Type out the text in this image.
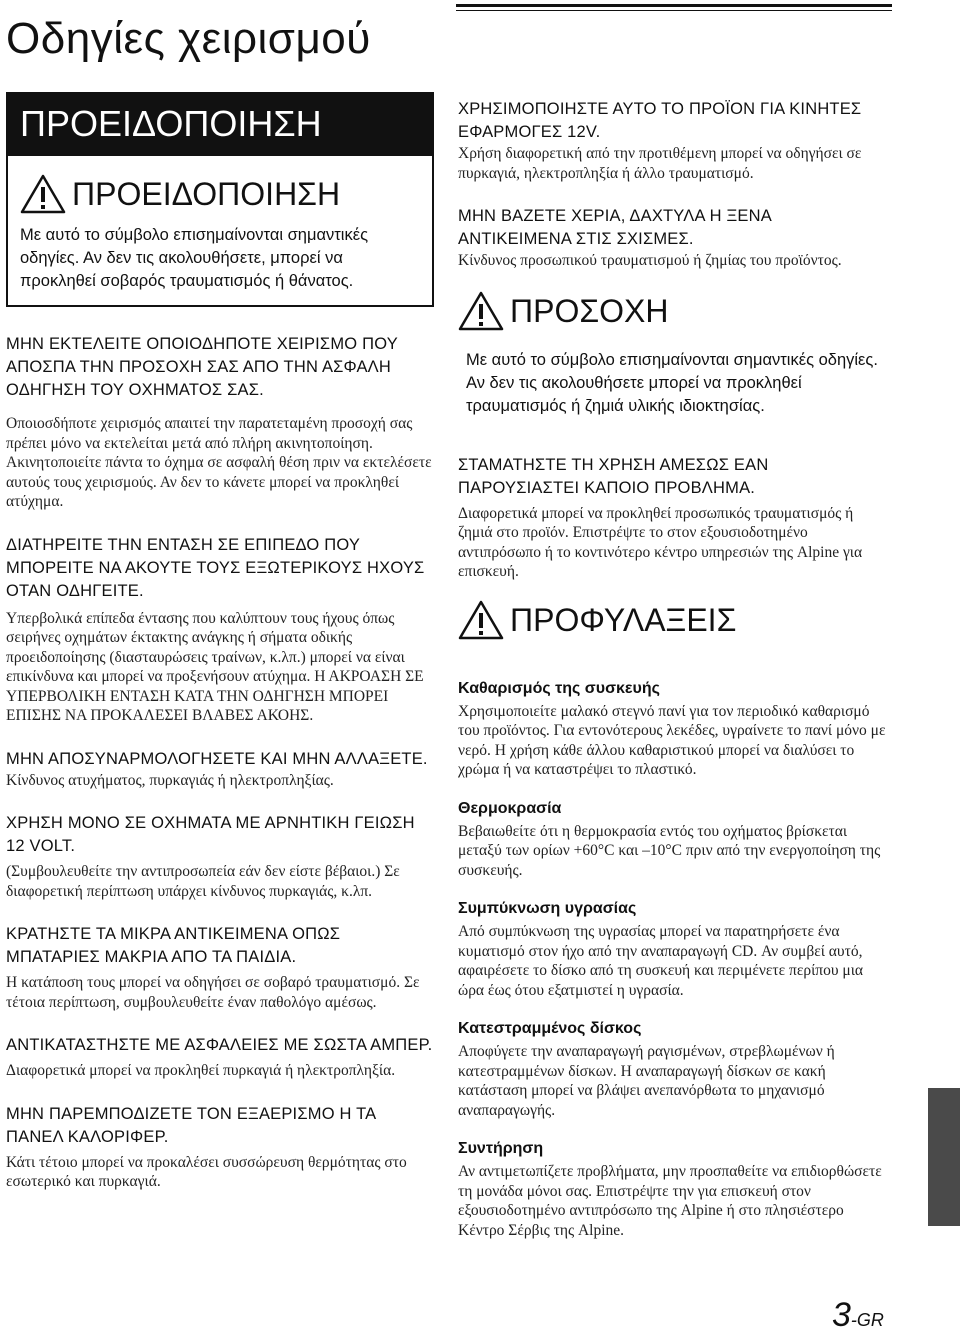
Οδηγίες χειρισμού
ΠΡΟΕΙΔΟΠΟΙΗΣΗ
ΠΡΟΕΙΔΟΠΟΙΗΣΗ

Με αυτό το σύμβολο επισημαίνονται σημαντικές οδηγίες. Αν δεν τις ακολουθήσετε, μπορεί να προκληθεί σοβαρός τραυματισμός ή θάνατος.

ΜΗΝ ΕΚΤΕΛΕΙΤΕ ΟΠΟΙΟΔΗΠΟΤΕ ΧΕΙΡΙΣΜΟ ΠΟΥ ΑΠΟΣΠΑ ΤΗΝ ΠΡΟΣΟΧΗ ΣΑΣ ΑΠΟ ΤΗΝ ΑΣΦΑΛΗ ΟΔΗΓΗΣΗ ΤΟΥ ΟΧΗΜΑΤΟΣ ΣΑΣ.

Οποιοσδήποτε χειρισμός απαιτεί την παρατεταμένη προσοχή σας πρέπει μόνο να εκτελείται μετά από πλήρη ακινητοποίηση. Ακινητοποιείτε πάντα το όχημα σε ασφαλή θέση πριν να εκτελέσετε αυτούς τους χειρισμούς. Αν δεν το κάνετε μπορεί να προκληθεί ατύχημα.

ΔΙΑΤΗΡΕΙΤΕ ΤΗΝ ΕΝΤΑΣΗ ΣΕ ΕΠΙΠΕΔΟ ΠΟΥ ΜΠΟΡΕΙΤΕ ΝΑ ΑΚΟΥΤΕ ΤΟΥΣ ΕΞΩΤΕΡΙΚΟΥΣ ΗΧΟΥΣ ΟΤΑΝ ΟΔΗΓΕΙΤΕ.

Υπερβολικά επίπεδα έντασης που καλύπτουν τους ήχους όπως σειρήνες οχημάτων έκτακτης ανάγκης ή σήματα οδικής προειδοποίησης (διασταυρώσεις τραίνων, κ.λπ.) μπορεί να είναι επικίνδυνα και μπορεί να προξενήσουν ατύχημα. Η ΑΚΡΟΑΣΗ ΣΕ ΥΠΕΡΒΟΛΙΚΗ ΕΝΤΑΣΗ ΚΑΤΑ ΤΗΝ ΟΔΗΓΗΣΗ ΜΠΟΡΕΙ ΕΠΙΣΗΣ ΝΑ ΠΡΟΚΑΛΕΣΕΙ ΒΛΑΒΕΣ ΑΚΟΗΣ.

ΜΗΝ ΑΠΟΣΥΝΑΡΜΟΛΟΓΗΣΕΤΕ ΚΑΙ ΜΗΝ ΑΛΛΑΞΕΤΕ.

Κίνδυνος ατυχήματος, πυρκαγιάς ή ηλεκτροπληξίας.

ΧΡΗΣΗ ΜΟΝΟ ΣΕ ΟΧΗΜΑΤΑ ΜΕ ΑΡΝΗΤΙΚΗ ΓΕΙΩΣΗ 12 VOLT.

(Συμβουλευθείτε την αντιπροσωπεία εάν δεν είστε βέβαιοι.) Σε διαφορετική περίπτωση υπάρχει κίνδυνος πυρκαγιάς, κ.λπ.

ΚΡΑΤΗΣΤΕ ΤΑ ΜΙΚΡΑ ΑΝΤΙΚΕΙΜΕΝΑ ΟΠΩΣ ΜΠΑΤΑΡΙΕΣ ΜΑΚΡΙΑ ΑΠΟ ΤΑ ΠΑΙΔΙΑ.

Η κατάποση τους μπορεί να οδηγήσει σε σοβαρό τραυματισμό. Σε τέτοια περίπτωση, συμβουλευθείτε έναν παθολόγο αμέσως.

ΑΝΤΙΚΑΤΑΣΤΗΣΤΕ ΜΕ ΑΣΦΑΛΕΙΕΣ ΜΕ ΣΩΣΤΑ ΑΜΠΕΡ.

Διαφορετικά μπορεί να προκληθεί πυρκαγιά ή ηλεκτροπληξία.

ΜΗΝ ΠΑΡΕΜΠΟΔΙΖΕΤΕ ΤΟΝ ΕΞΑΕΡΙΣΜΟ Η ΤΑ ΠΑΝΕΛ ΚΑΛΟΡΙΦΕΡ.

Κάτι τέτοιο μπορεί να προκαλέσει συσσώρευση θερμότητας στο εσωτερικό και πυρκαγιά.

ΧΡΗΣΙΜΟΠΟΙΗΣΤΕ ΑΥΤΟ ΤΟ ΠΡΟΪΟΝ ΓΙΑ ΚΙΝΗΤΕΣ ΕΦΑΡΜΟΓΕΣ 12V.

Χρήση διαφορετική από την προτιθέμενη μπορεί να οδηγήσει σε πυρκαγιά, ηλεκτροπληξία ή άλλο τραυματισμό.

ΜΗΝ ΒΑΖΕΤΕ ΧΕΡΙΑ, ΔΑΧΤΥΛΑ Η ΞΕΝΑ ΑΝΤΙΚΕΙΜΕΝΑ ΣΤΙΣ ΣΧΙΣΜΕΣ.

Κίνδυνος προσωπικού τραυματισμού ή ζημίας του προϊόντος.

ΠΡΟΣΟΧΗ

Με αυτό το σύμβολο επισημαίνονται σημαντικές οδηγίες. Αν δεν τις ακολουθήσετε μπορεί να προκληθεί τραυματισμός ή ζημιά υλικής ιδιοκτησίας.

ΣΤΑΜΑΤΗΣΤΕ ΤΗ ΧΡΗΣΗ ΑΜΕΣΩΣ ΕΑΝ ΠΑΡΟΥΣΙΑΣΤΕΙ ΚΑΠΟΙΟ ΠΡΟΒΛΗΜΑ.

Διαφορετικά μπορεί να προκληθεί προσωπικός τραυματισμός ή ζημιά στο προϊόν. Επιστρέψτε το στον εξουσιοδοτημένο αντιπρόσωπο ή το κοντινότερο κέντρο υπηρεσιών της Alpine για επισκευή.

ΠΡΟΦΥΛΑΞΕΙΣ
Καθαρισμός της συσκευής

Χρησιμοποιείτε μαλακό στεγνό πανί για τον περιοδικό καθαρισμό του προϊόντος. Για εντονότερους λεκέδες, υγραίνετε το πανί μόνο με νερό. Η χρήση κάθε άλλου καθαριστικού μπορεί να διαλύσει το χρώμα ή να καταστρέψει το πλαστικό.

Θερμοκρασία

Βεβαιωθείτε ότι η θερμοκρασία εντός του οχήματος βρίσκεται μεταξύ των ορίων +60°C και –10°C πριν από την ενεργοποίηση της συσκευής.

Συμπύκνωση υγρασίας

Από συμπύκνωση της υγρασίας μπορεί να παρατηρήσετε ένα κυματισμό στον ήχο από την αναπαραγωγή CD. Αν συμβεί αυτό, αφαιρέσετε το δίσκο από τη συσκευή και περιμένετε περίπου μια ώρα έως ότου εξατμιστεί η υγρασία.

Κατεστραμμένος δίσκος

Αποφύγετε την αναπαραγωγή ραγισμένων, στρεβλωμένων ή κατεστραμμένων δίσκων. Η αναπαραγωγή δίσκων σε κακή κατάσταση μπορεί να βλάψει ανεπανόρθωτα το μηχανισμό αναπαραγωγής.

Συντήρηση

Αν αντιμετωπίζετε προβλήματα, μην προσπαθείτε να επιδιορθώσετε τη μονάδα μόνοι σας. Επιστρέψτε την για επισκευή στον εξουσιοδοτημένο αντιπρόσωπο της Alpine ή στο πλησιέστερο Κέντρο Σέρβις της Alpine.

3-GR
